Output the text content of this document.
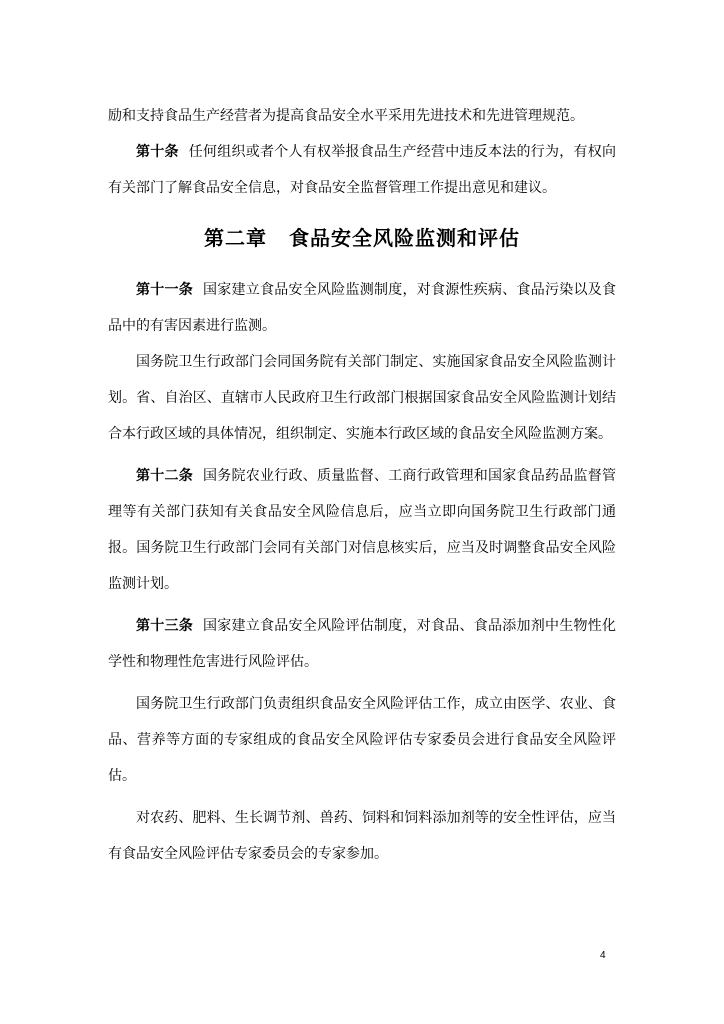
励和支持食品生产经营者为提高食品安全水平采用先进技术和先进管理规范。

第十条 任何组织或者个人有权举报食品生产经营中违反本法的行为，有权向有关部门了解食品安全信息，对食品安全监督管理工作提出意见和建议。

第二章 食品安全风险监测和评估

第十一条 国家建立食品安全风险监测制度，对食源性疾病、食品污染以及食品中的有害因素进行监测。

国务院卫生行政部门会同国务院有关部门制定、实施国家食品安全风险监测计划。省、自治区、直辖市人民政府卫生行政部门根据国家食品安全风险监测计划结合本行政区域的具体情况，组织制定、实施本行政区域的食品安全风险监测方案。

第十二条 国务院农业行政、质量监督、工商行政管理和国家食品药品监督管理等有关部门获知有关食品安全风险信息后，应当立即向国务院卫生行政部门通报。国务院卫生行政部门会同有关部门对信息核实后，应当及时调整食品安全风险监测计划。

第十三条 国家建立食品安全风险评估制度，对食品、食品添加剂中生物性化学性和物理性危害进行风险评估。

国务院卫生行政部门负责组织食品安全风险评估工作，成立由医学、农业、食品、营养等方面的专家组成的食品安全风险评估专家委员会进行食品安全风险评估。

对农药、肥料、生长调节剂、兽药、饲料和饲料添加剂等的安全性评估，应当有食品安全风险评估专家委员会的专家参加。

4
